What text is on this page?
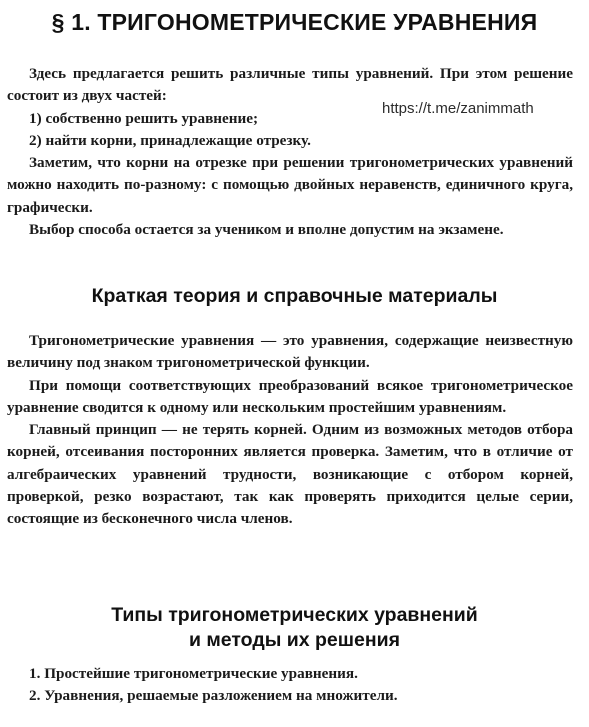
§ 1. ТРИГОНОМЕТРИЧЕСКИЕ УРАВНЕНИЯ

Здесь предлагается решить различные типы уравнений. При этом решение состоит из двух частей:

1) собственно решить уравнение;

2) найти корни, принадлежащие отрезку.

Заметим, что корни на отрезке при решении тригонометрических уравнений можно находить по-разному: с помощью двойных неравенств, единичного круга, графически.

Выбор способа остается за учеником и вполне допустим на экзамене.

https://t.me/zanimmath
Краткая теория и справочные материалы

Тригонометрические уравнения — это уравнения, содержащие неизвестную величину под знаком тригонометрической функции.

При помощи соответствующих преобразований всякое тригонометрическое уравнение сводится к одному или нескольким простейшим уравнениям.

Главный принцип — не терять корней. Одним из возможных методов отбора корней, отсеивания посторонних является проверка. Заметим, что в отличие от алгебраических уравнений трудности, возникающие с отбором корней, проверкой, резко возрастают, так как проверять приходится целые серии, состоящие из бесконечного числа членов.

Типы тригонометрических уравнений
и методы их решения
1. Простейшие тригонометрические уравнения.
2. Уравнения, решаемые разложением на множители.
